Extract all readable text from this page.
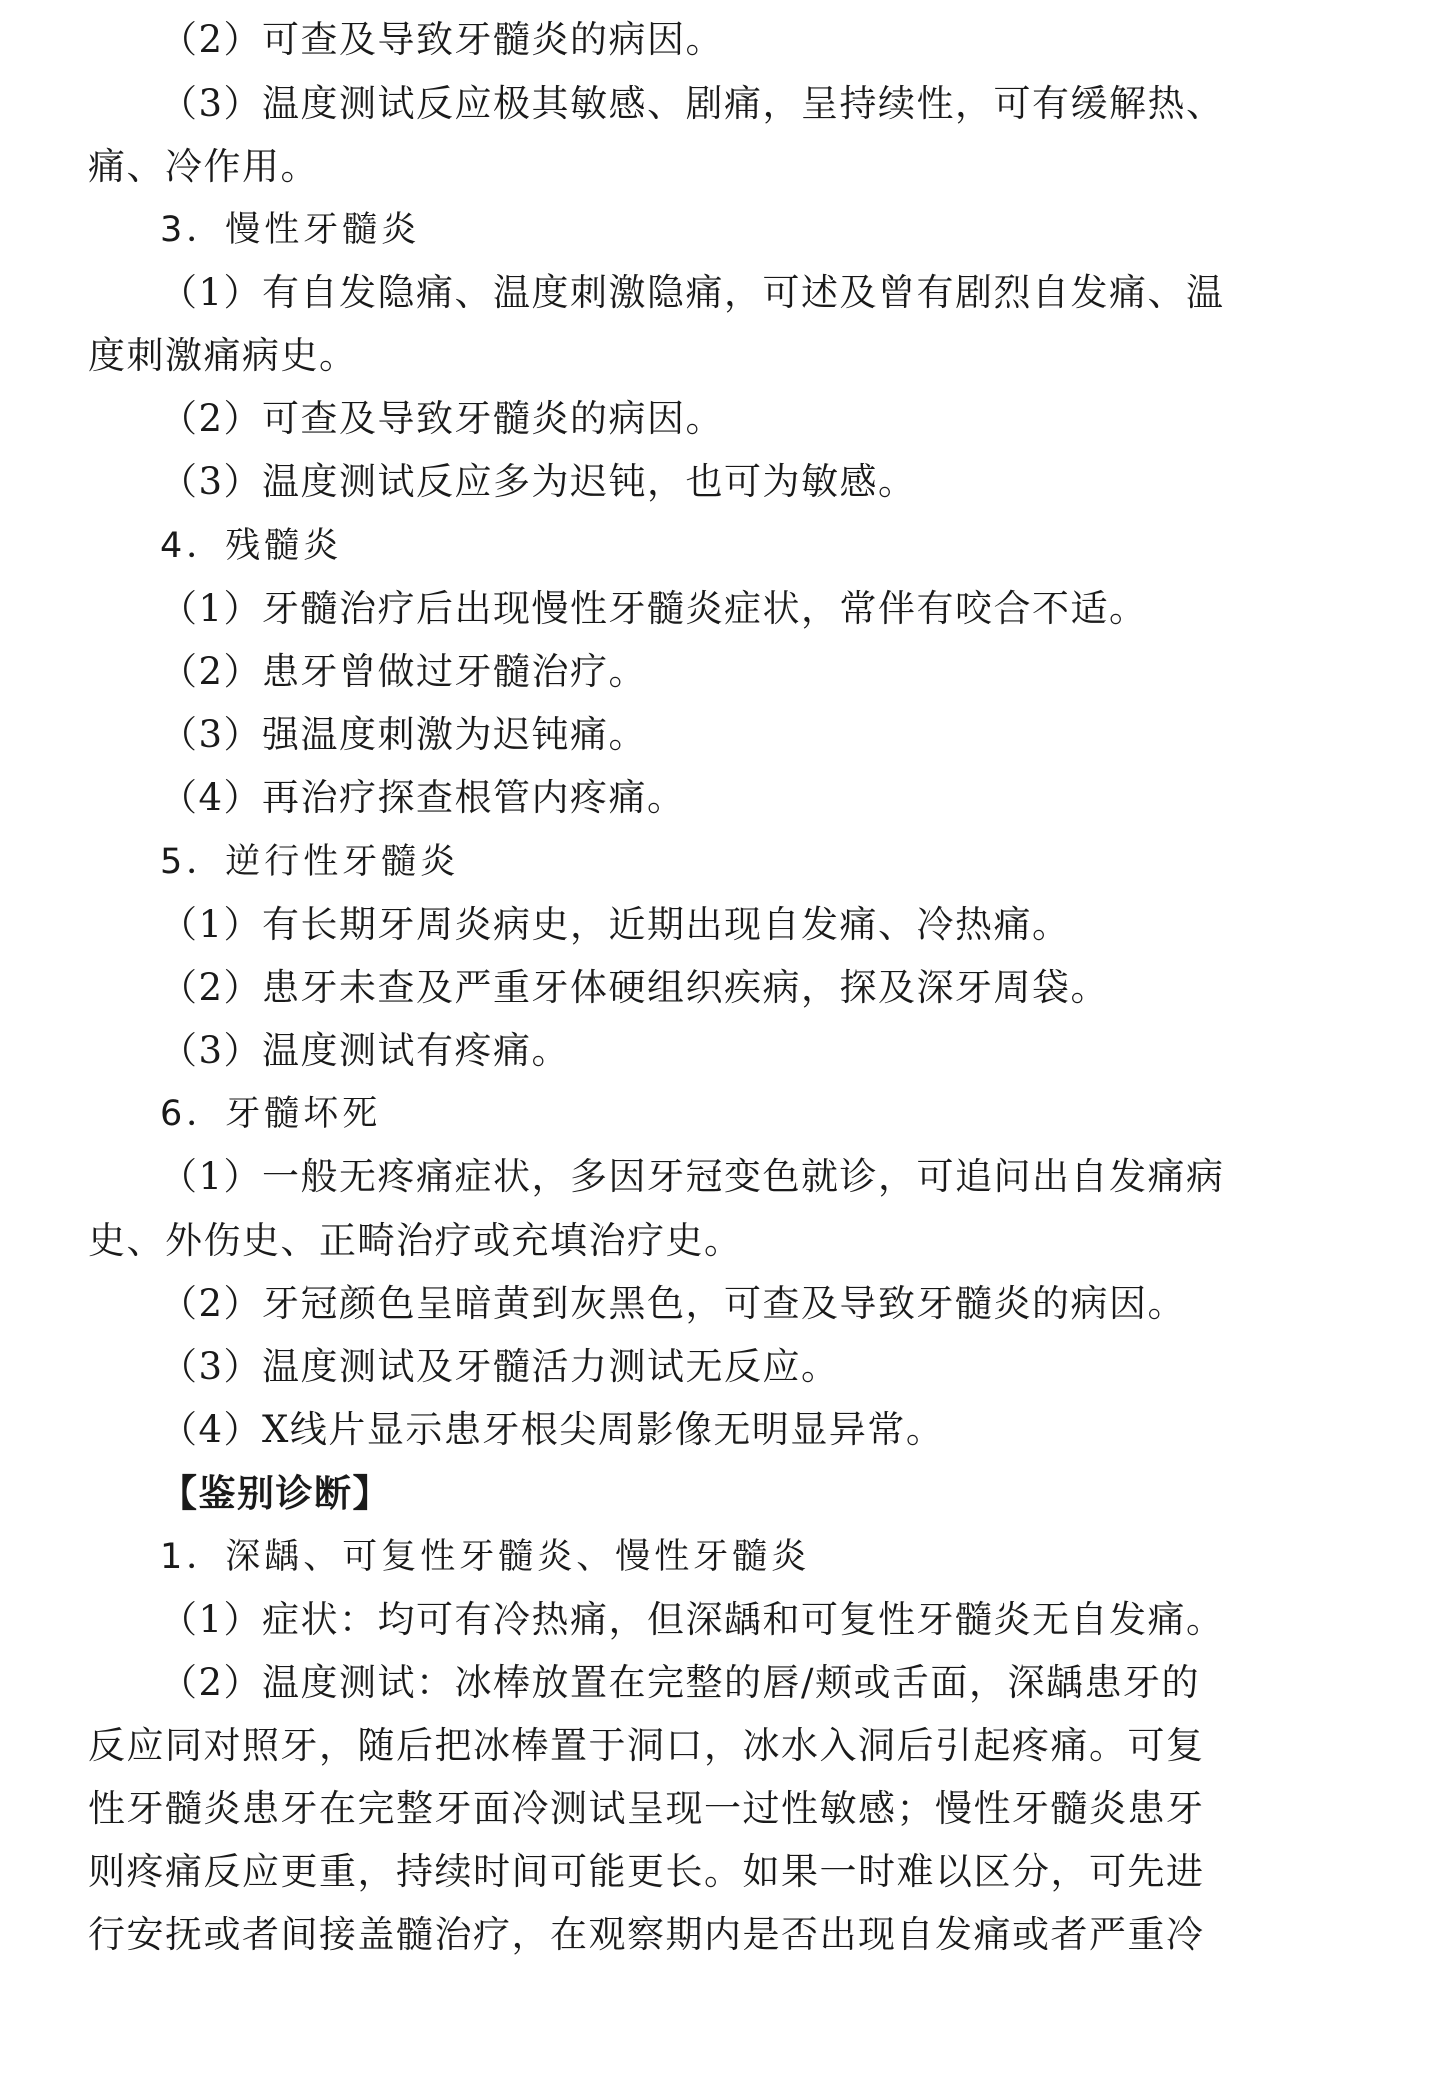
（2）可查及导致牙髓炎的病因。
（3）温度测试反应极其敏感、剧痛，呈持续性，可有缓解热、
痛、冷作用。
3．慢性牙髓炎
（1）有自发隐痛、温度刺激隐痛，可述及曾有剧烈自发痛、温
度刺激痛病史。
（2）可查及导致牙髓炎的病因。
（3）温度测试反应多为迟钝，也可为敏感。
4．残髓炎
（1）牙髓治疗后出现慢性牙髓炎症状，常伴有咬合不适。
（2）患牙曾做过牙髓治疗。
（3）强温度刺激为迟钝痛。
（4）再治疗探查根管内疼痛。
5．逆行性牙髓炎
（1）有长期牙周炎病史，近期出现自发痛、冷热痛。
（2）患牙未查及严重牙体硬组织疾病，探及深牙周袋。
（3）温度测试有疼痛。
6．牙髓坏死
（1）一般无疼痛症状，多因牙冠变色就诊，可追问出自发痛病
史、外伤史、正畸治疗或充填治疗史。
（2）牙冠颜色呈暗黄到灰黑色，可查及导致牙髓炎的病因。
（3）温度测试及牙髓活力测试无反应。
（4）X线片显示患牙根尖周影像无明显异常。
【鉴别诊断】
1．深龋、可复性牙髓炎、慢性牙髓炎
（1）症状：均可有冷热痛，但深龋和可复性牙髓炎无自发痛。
（2）温度测试：冰棒放置在完整的唇/颊或舌面，深龋患牙的
反应同对照牙，随后把冰棒置于洞口，冰水入洞后引起疼痛。可复
性牙髓炎患牙在完整牙面冷测试呈现一过性敏感；慢性牙髓炎患牙
则疼痛反应更重，持续时间可能更长。如果一时难以区分，可先进
行安抚或者间接盖髓治疗，在观察期内是否出现自发痛或者严重冷
